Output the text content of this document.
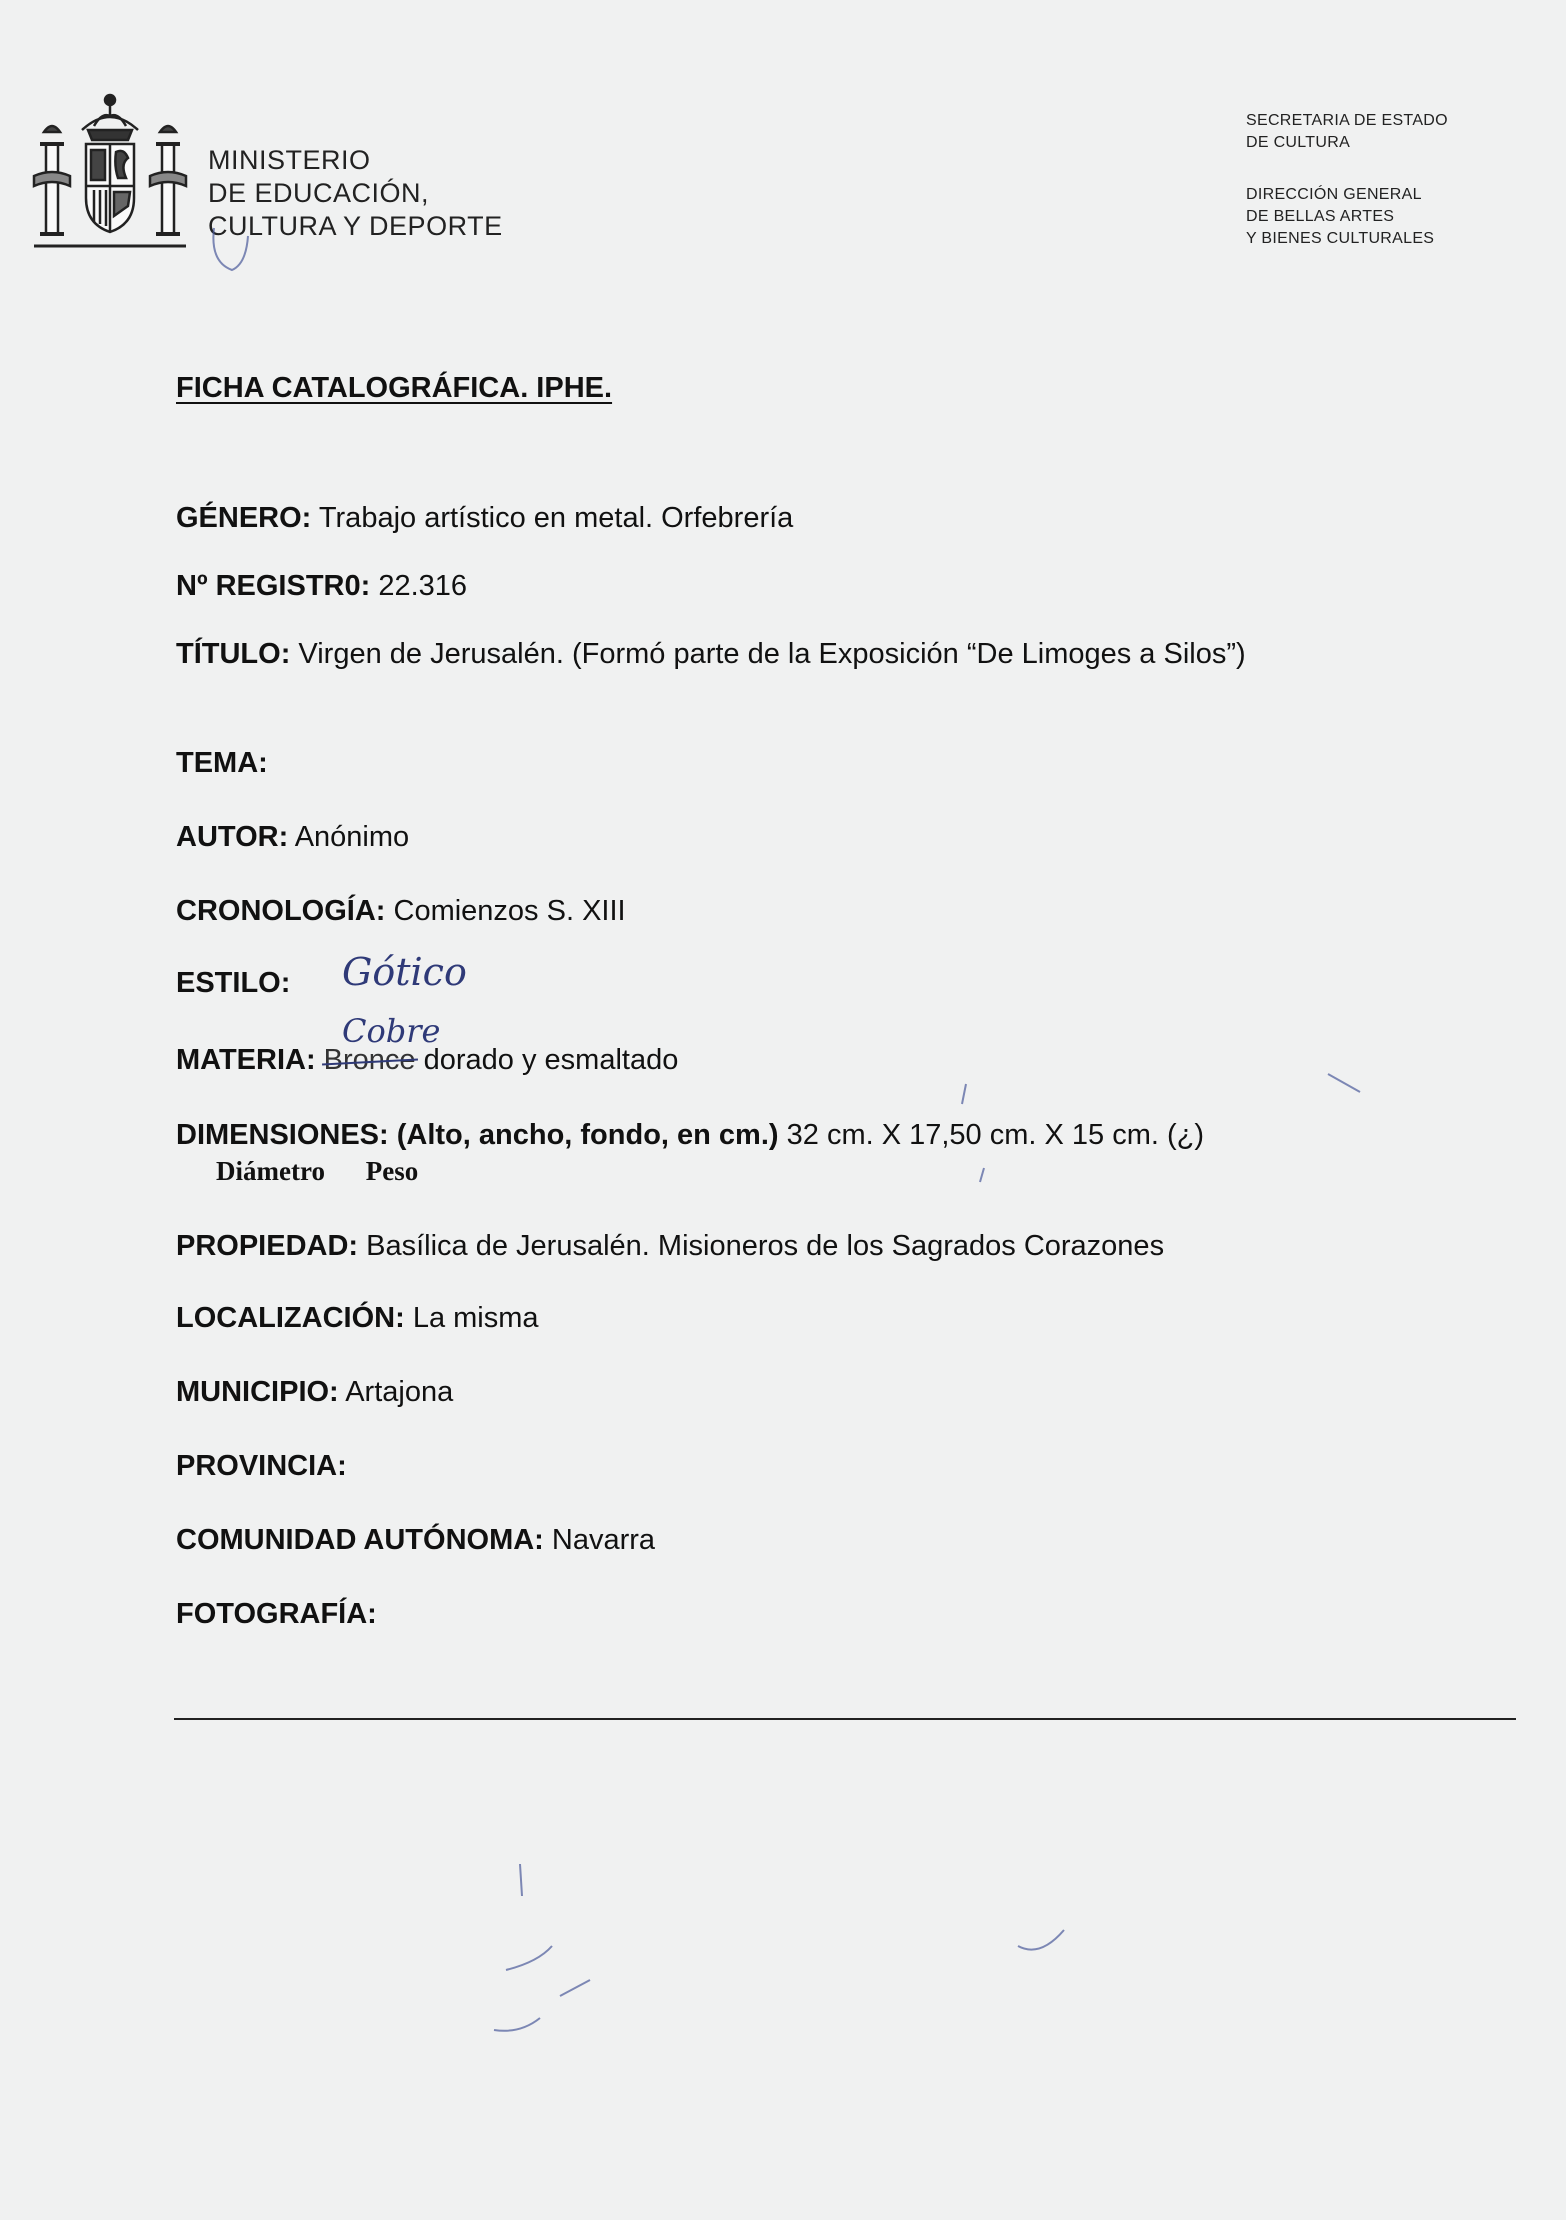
MINISTERIO
DE EDUCACIÓN,
CULTURA Y DEPORTE
SECRETARIA DE ESTADO
DE CULTURA
DIRECCIÓN GENERAL
DE BELLAS ARTES
Y BIENES CULTURALES
FICHA CATALOGRÁFICA. IPHE.
GÉNERO: Trabajo artístico en metal. Orfebrería
Nº REGISTR0: 22.316
TÍTULO: Virgen de Jerusalén. (Formó parte de la Exposición “De Limoges a Silos”)
TEMA:
AUTOR: Anónimo
CRONOLOGÍA: Comienzos S. XIII
ESTILO: Gótico
Cobre
MATERIA: Bronce dorado y esmaltado
DIMENSIONES: (Alto, ancho, fondo, en cm.) 32 cm. X 17,50 cm. X 15 cm. (¿)
Diámetro Peso
PROPIEDAD: Basílica de Jerusalén. Misioneros de los Sagrados Corazones
LOCALIZACIÓN: La misma
MUNICIPIO: Artajona
PROVINCIA:
COMUNIDAD AUTÓNOMA: Navarra
FOTOGRAFÍA:
